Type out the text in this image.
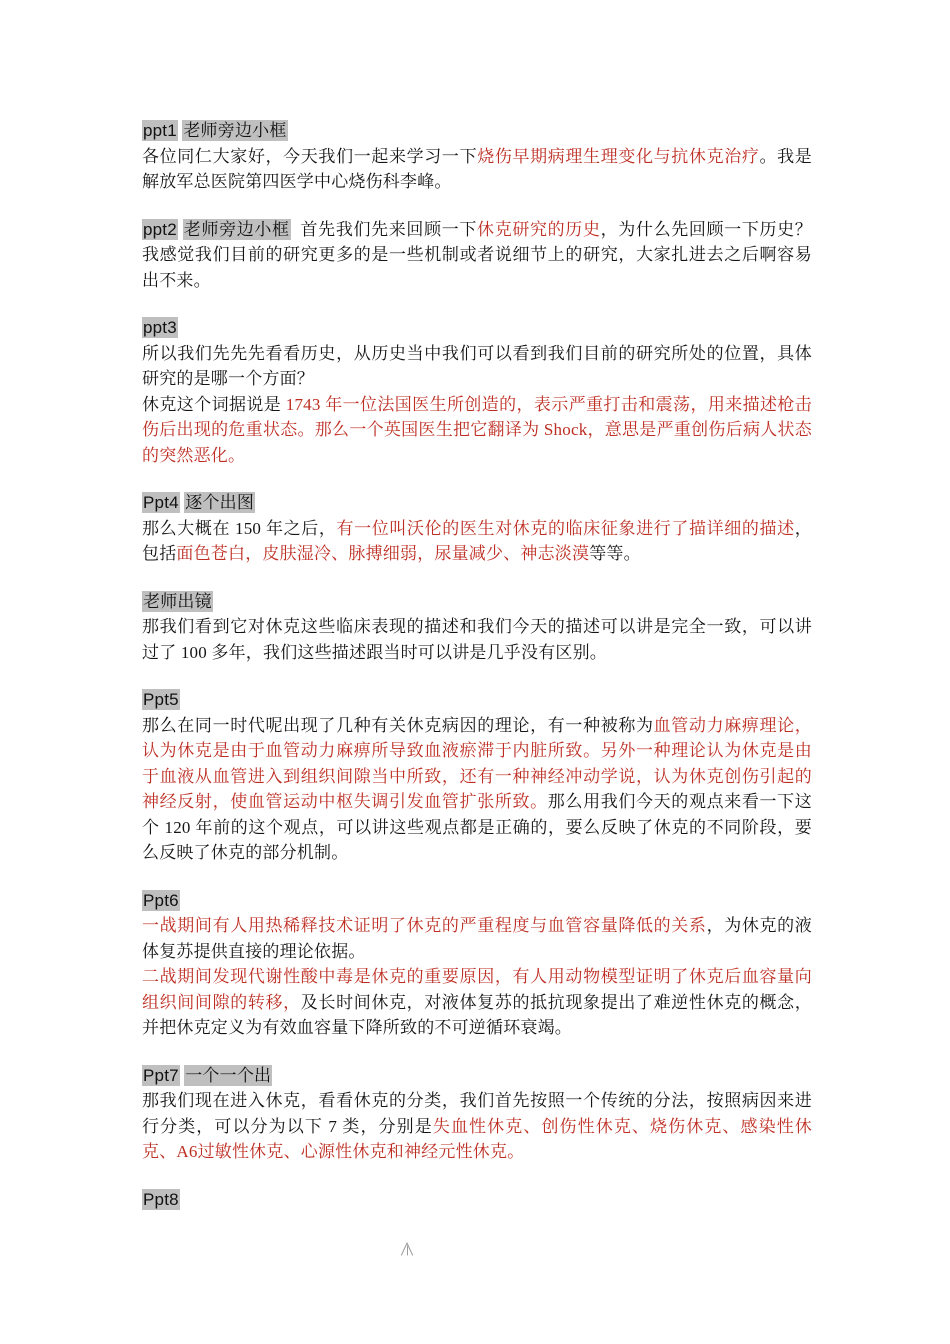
ppt1 老师旁边小框

各位同仁大家好，今天我们一起来学习一下烧伤早期病理生理变化与抗休克治疗。我是解放军总医院第四医学中心烧伤科李峰。

ppt2 老师旁边小框  首先我们先来回顾一下休克研究的历史，为什么先回顾一下历史？我感觉我们目前的研究更多的是一些机制或者说细节上的研究，大家扎进去之后啊容易出不来。

ppt3

所以我们先先先看看历史，从历史当中我们可以看到我们目前的研究所处的位置，具体研究的是哪一个方面？

休克这个词据说是 1743 年一位法国医生所创造的，表示严重打击和震荡，用来描述枪击伤后出现的危重状态。那么一个英国医生把它翻译为 Shock，意思是严重创伤后病人状态的突然恶化。

Ppt4 逐个出图

那么大概在 150 年之后，有一位叫沃伦的医生对休克的临床征象进行了描详细的描述，包括面色苍白，皮肤湿冷、脉搏细弱，尿量减少、神志淡漠等等。

老师出镜

那我们看到它对休克这些临床表现的描述和我们今天的描述可以讲是完全一致，可以讲过了 100 多年，我们这些描述跟当时可以讲是几乎没有区别。

Ppt5

那么在同一时代呢出现了几种有关休克病因的理论，有一种被称为血管动力麻痹理论，认为休克是由于血管动力麻痹所导致血液瘀滞于内脏所致。另外一种理论认为休克是由于血液从血管进入到组织间隙当中所致，还有一种神经冲动学说，认为休克创伤引起的神经反射，使血管运动中枢失调引发血管扩张所致。那么用我们今天的观点来看一下这个 120 年前的这个观点，可以讲这些观点都是正确的，要么反映了休克的不同阶段，要么反映了休克的部分机制。

Ppt6

一战期间有人用热稀释技术证明了休克的严重程度与血管容量降低的关系，为休克的液体复苏提供直接的理论依据。

二战期间发现代谢性酸中毒是休克的重要原因，有人用动物模型证明了休克后血容量向组织间间隙的转移，及长时间休克，对液体复苏的抵抗现象提出了难逆性休克的概念，并把休克定义为有效血容量下降所致的不可逆循环衰竭。

Ppt7 一个一个出

那我们现在进入休克，看看休克的分类，我们首先按照一个传统的分法，按照病因来进行分类，可以分为以下 7 类，分别是失血性休克、创伤性休克、烧伤休克、感染性休克、A6过敏性休克、心源性休克和神经元性休克。

Ppt8
